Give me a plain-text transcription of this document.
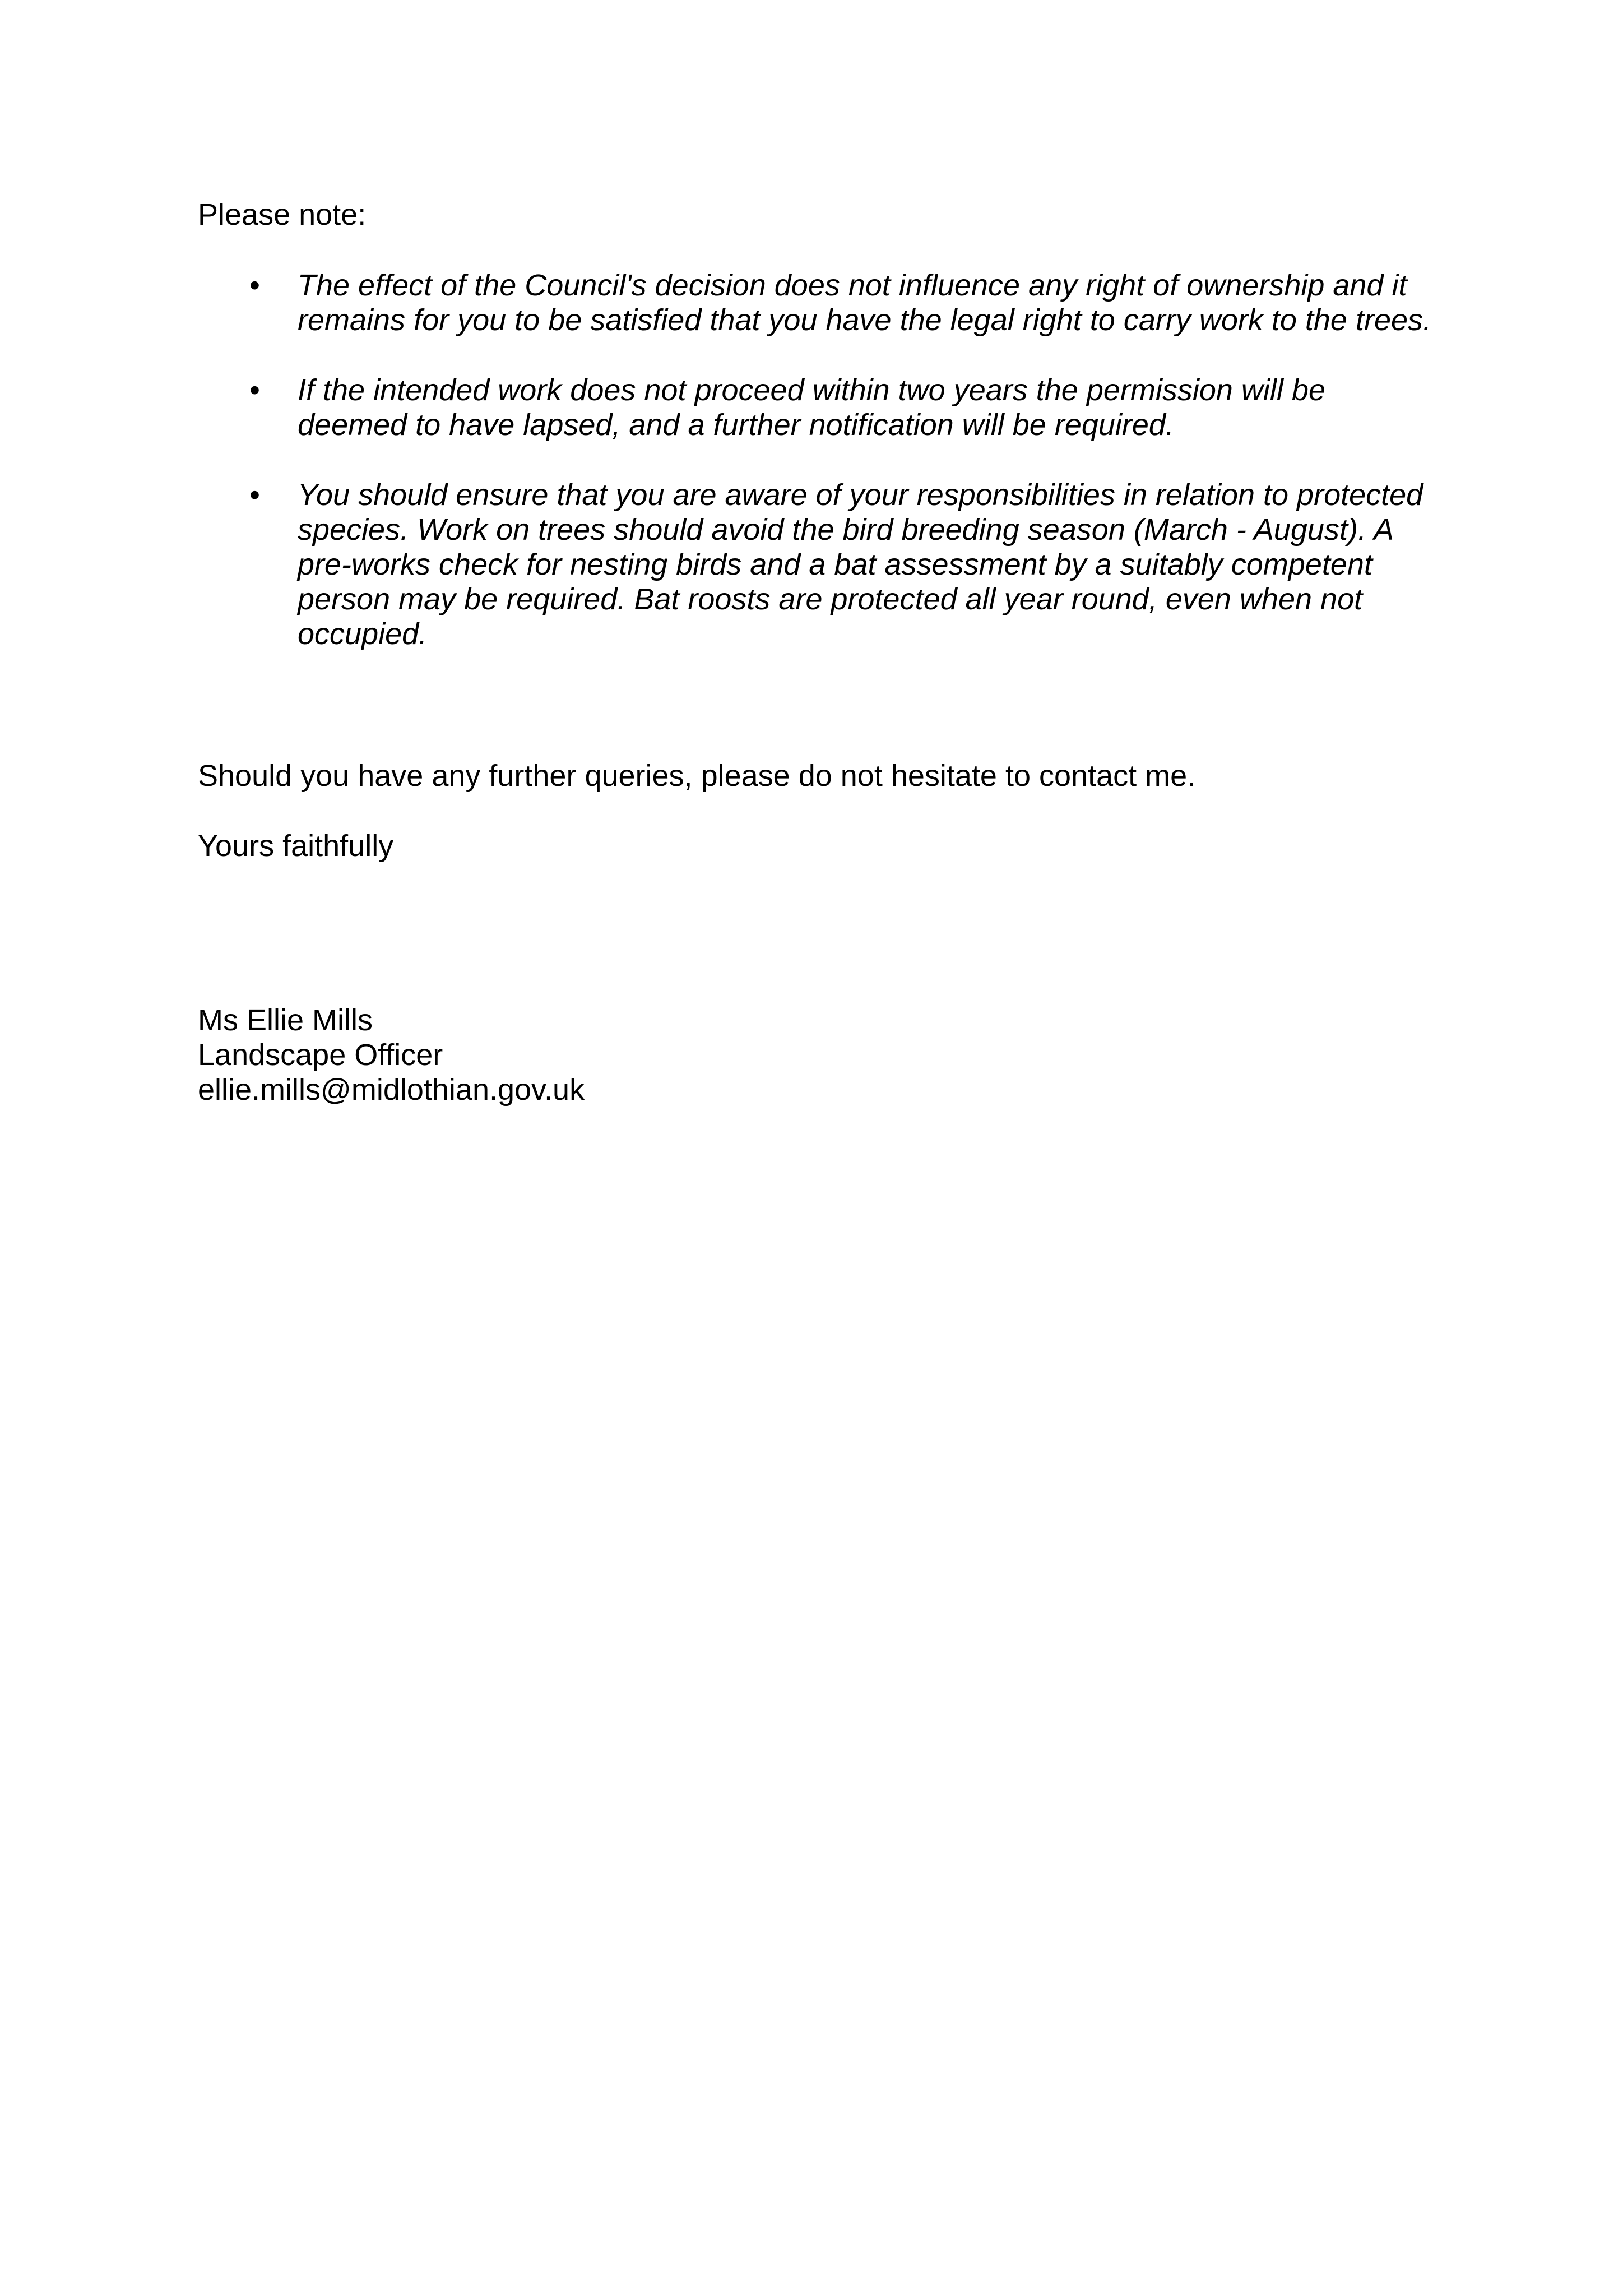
Please note:
• The effect of the Council's decision does not influence any right of ownership and it
remains for you to be satisfied that you have the legal right to carry work to the trees.
• If the intended work does not proceed within two years the permission will be
deemed to have lapsed, and a further notification will be required.
• You should ensure that you are aware of your responsibilities in relation to protected
species. Work on trees should avoid the bird breeding season (March - August). A
pre-works check for nesting birds and a bat assessment by a suitably competent
person may be required. Bat roosts are protected all year round, even when not
occupied.
Should you have any further queries, please do not hesitate to contact me.
Yours faithfully
Ms Ellie Mills
Landscape Officer
ellie.mills@midlothian.gov.uk
